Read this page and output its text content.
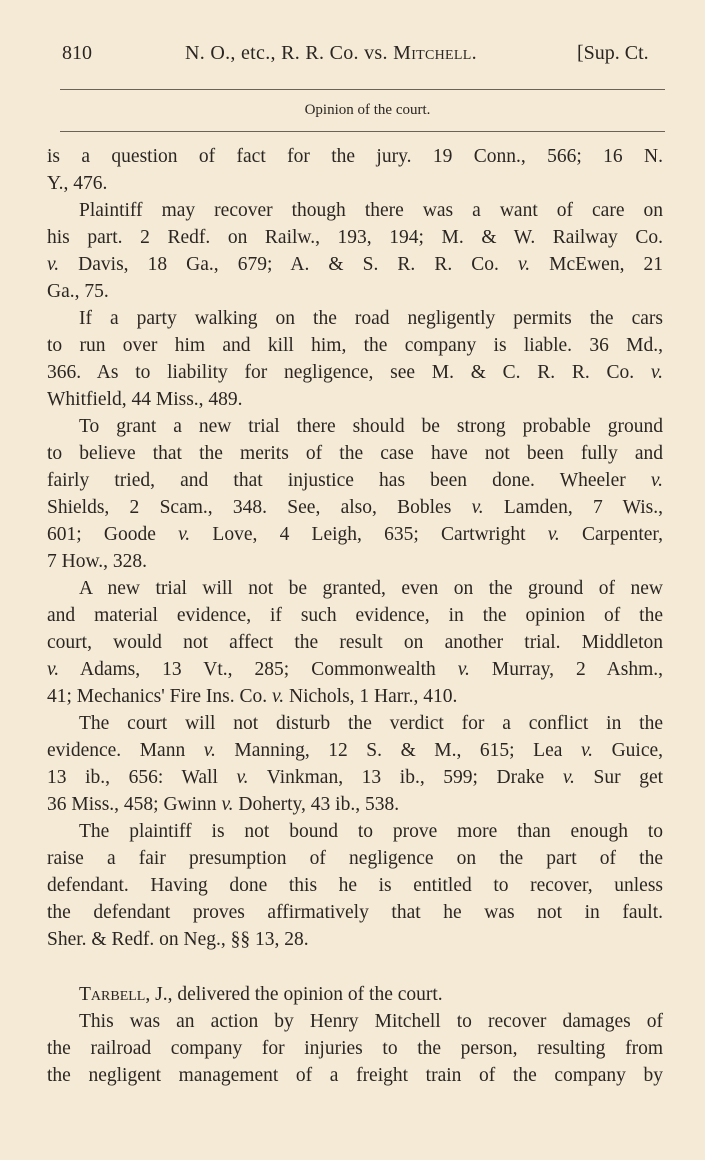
810	N. O., etc., R. R. Co. vs. Mitchell.	[Sup. Ct.
Opinion of the court.
is a question of fact for the jury. 19 Conn., 566; 16 N.
Y., 476.
Plaintiff may recover though there was a want of care on
his part. 2 Redf. on Railw., 193, 194; M. & W. Railway Co.
v. Davis, 18 Ga., 679; A. & S. R. R. Co. v. McEwen, 21
Ga., 75.
If a party walking on the road negligently permits the cars
to run over him and kill him, the company is liable. 36 Md.,
366. As to liability for negligence, see M. & C. R. R. Co. v.
Whitfield, 44 Miss., 489.
To grant a new trial there should be strong probable ground
to believe that the merits of the case have not been fully and
fairly tried, and that injustice has been done. Wheeler v.
Shields, 2 Scam., 348. See, also, Bobles v. Lamden, 7 Wis.,
601; Goode v. Love, 4 Leigh, 635; Cartwright v. Carpenter,
7 How., 328.
A new trial will not be granted, even on the ground of new
and material evidence, if such evidence, in the opinion of the
court, would not affect the result on another trial. Middleton
v. Adams, 13 Vt., 285; Commonwealth v. Murray, 2 Ashm.,
41; Mechanics' Fire Ins. Co. v. Nichols, 1 Harr., 410.
The court will not disturb the verdict for a conflict in the
evidence. Mann v. Manning, 12 S. & M., 615; Lea v. Guice,
13 ib., 656: Wall v. Vinkman, 13 ib., 599; Drake v. Sur get
36 Miss., 458; Gwinn v. Doherty, 43 ib., 538.
The plaintiff is not bound to prove more than enough to
raise a fair presumption of negligence on the part of the
defendant. Having done this he is entitled to recover, unless
the defendant proves affirmatively that he was not in fault.
Sher. & Redf. on Neg., §§ 13, 28.
Tarbell, J., delivered the opinion of the court.
This was an action by Henry Mitchell to recover damages of
the railroad company for injuries to the person, resulting from
the negligent management of a freight train of the company by
